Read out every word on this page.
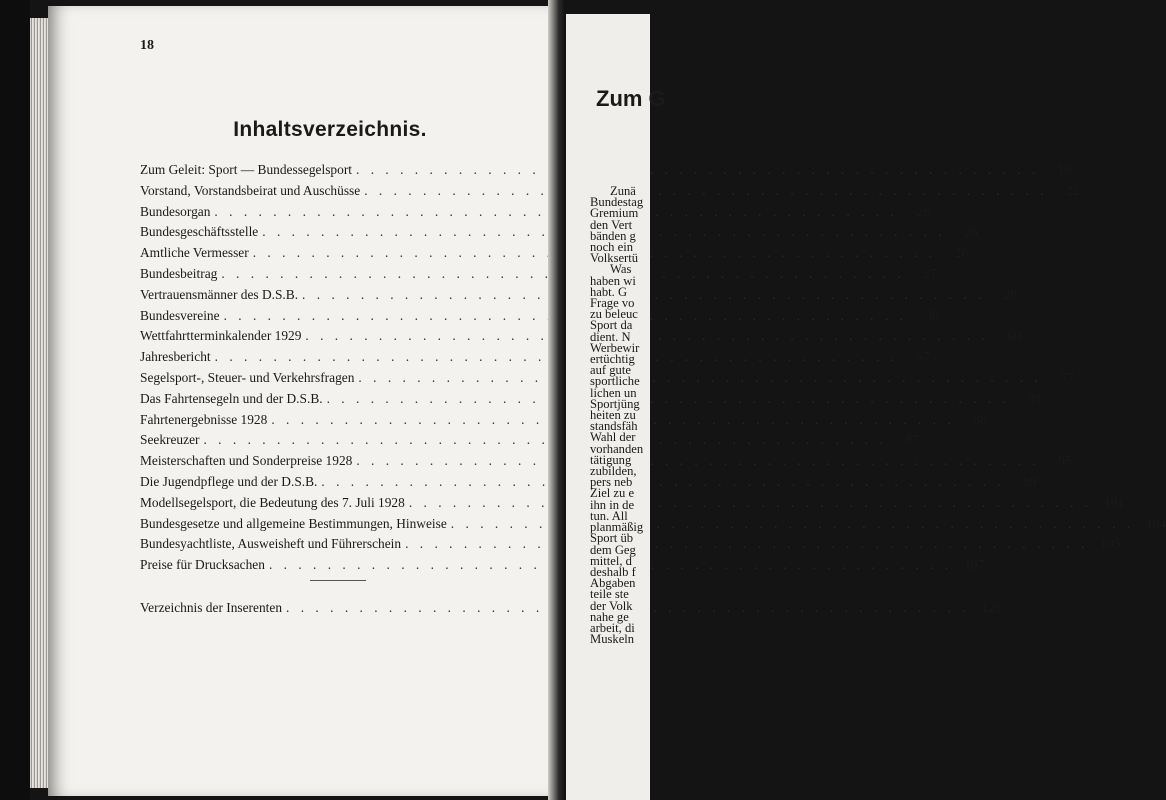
18
Inhaltsverzeichnis.
Zum Geleit: Sport — Bundessegelsport . . .	19
Vorstand, Vorstandsbeirat und Auschüsse . . .	22
Bundesorgan . . .	26
Bundesgeschäftsstelle . . .	26
Amtliche Vermesser . . .	26
Bundesbeitrag . . .	27
Vertrauensmänner des D.S.B. . . .	28
Bundesvereine . . .	30
Wettfahrtterminkalender 1929 . . .	60
Jahresbericht . . .	67
Segelsport-, Steuer- und Verkehrsfragen . . .	77
Das Fahrtensegeln und der D.S.B. . . .	81
Fahrtenergebnisse 1928 . . .	88
Seekreuzer . . .	87
Meisterschaften und Sonderpreise 1928 . . .	95
Die Jugendpflege und der D.S.B. . . .	99
Modellsegelsport, die Bedeutung des 7. Juli 1928 . . .	101
Bundesgesetze und allgemeine Bestimmungen, Hinweise . . .	104
Bundesyachtliste, Ausweisheft und Führerschein . . .	105
Preise für Drucksachen . . .	107
Verzeichnis der Inserenten . . .	129
Zum G
Zunä
Bundestag
Gremium
den Vert
bänden g
noch ein
Volksertü
Was
haben wi
habt. G
Frage vo
zu beleuc
Sport da
dient. N
Werbewir
ertüchtig
auf gute
sportliche
lichen un
Sportjüng
heiten zu
standsfäh
Wahl der
vorhanden
tätigung
zubilden,
pers neb
Ziel zu e
ihn in de
tun. All
planmäßig
Sport üb
dem Geg
mittel, d
deshalb f
Abgaben
teile ste
der Volk
nahe ge
arbeit, di
Muskeln
